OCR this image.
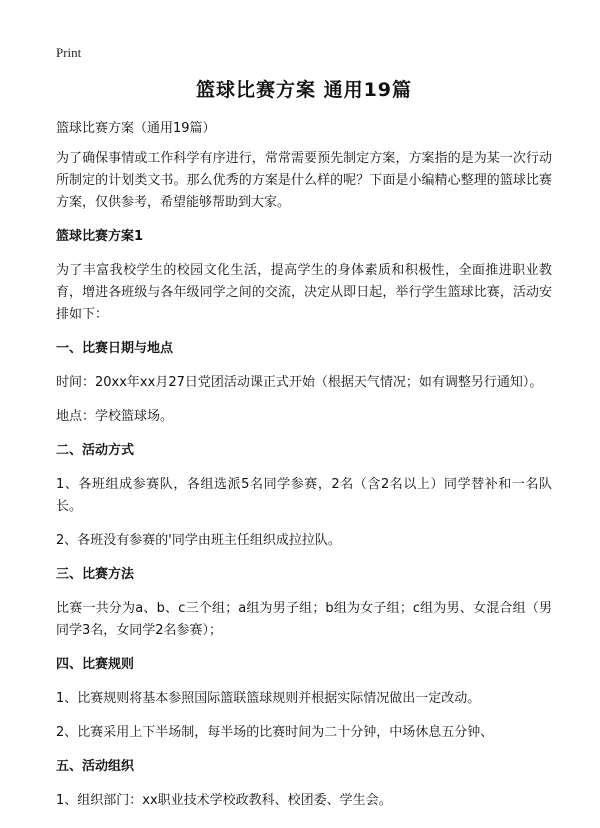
Print
篮球比赛方案 通用19篇
篮球比赛方案（通用19篇）
为了确保事情或工作科学有序进行，常常需要预先制定方案，方案指的是为某一次行动所制定的计划类文书。那么优秀的方案是什么样的呢？下面是小编精心整理的篮球比赛方案，仅供参考，希望能够帮助到大家。
篮球比赛方案1
为了丰富我校学生的校园文化生活，提高学生的身体素质和积极性，全面推进职业教育，增进各班级与各年级同学之间的交流，决定从即日起，举行学生篮球比赛，活动安排如下：
一、比赛日期与地点
时间：20xx年xx月27日党团活动课正式开始（根据天气情况；如有调整另行通知）。
地点：学校篮球场。
二、活动方式
1、各班组成参赛队，各组选派5名同学参赛，2名（含2名以上）同学替补和一名队长。
2、各班没有参赛的'同学由班主任组织成拉拉队。
三、比赛方法
比赛一共分为a、b、c三个组；a组为男子组；b组为女子组；c组为男、女混合组（男同学3名，女同学2名参赛）；
四、比赛规则
1、比赛规则将基本参照国际篮联篮球规则并根据实际情况做出一定改动。
2、比赛采用上下半场制，每半场的比赛时间为二十分钟，中场休息五分钟、
五、活动组织
1、组织部门：xx职业技术学校政教科、校团委、学生会。
